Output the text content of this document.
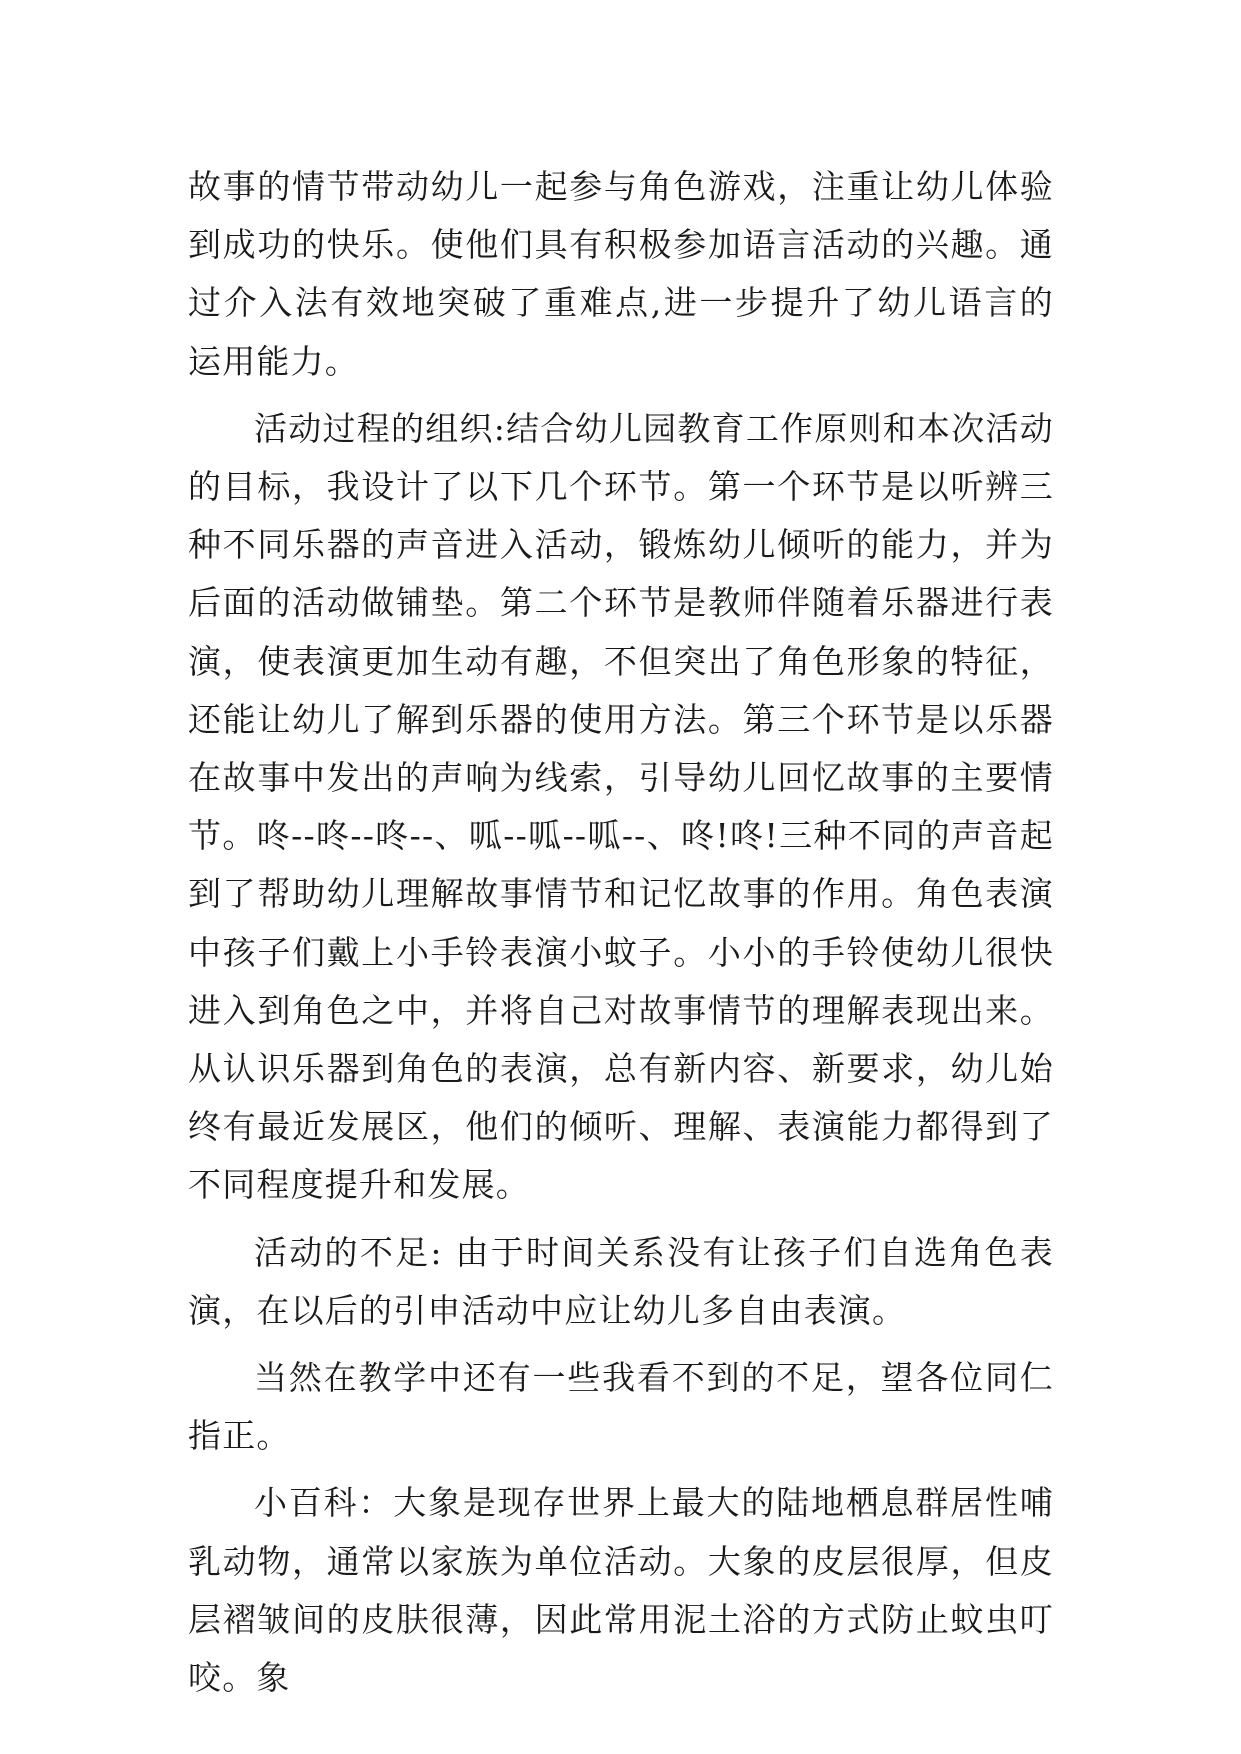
故事的情节带动幼儿一起参与角色游戏，注重让幼儿体验到成功的快乐。使他们具有积极参加语言活动的兴趣。通过介入法有效地突破了重难点,进一步提升了幼儿语言的运用能力。

活动过程的组织:结合幼儿园教育工作原则和本次活动的目标，我设计了以下几个环节。第一个环节是以听辨三种不同乐器的声音进入活动，锻炼幼儿倾听的能力，并为后面的活动做铺垫。第二个环节是教师伴随着乐器进行表演，使表演更加生动有趣，不但突出了角色形象的特征，还能让幼儿了解到乐器的使用方法。第三个环节是以乐器在故事中发出的声响为线索，引导幼儿回忆故事的主要情节。咚--咚--咚--、呱--呱--呱--、咚!咚!三种不同的声音起到了帮助幼儿理解故事情节和记忆故事的作用。角色表演中孩子们戴上小手铃表演小蚊子。小小的手铃使幼儿很快进入到角色之中，并将自己对故事情节的理解表现出来。从认识乐器到角色的表演，总有新内容、新要求，幼儿始终有最近发展区，他们的倾听、理解、表演能力都得到了不同程度提升和发展。

活动的不足: 由于时间关系没有让孩子们自选角色表演，在以后的引申活动中应让幼儿多自由表演。

当然在教学中还有一些我看不到的不足，望各位同仁指正。

小百科：大象是现存世界上最大的陆地栖息群居性哺乳动物，通常以家族为单位活动。大象的皮层很厚，但皮层褶皱间的皮肤很薄，因此常用泥土浴的方式防止蚊虫叮咬。象
